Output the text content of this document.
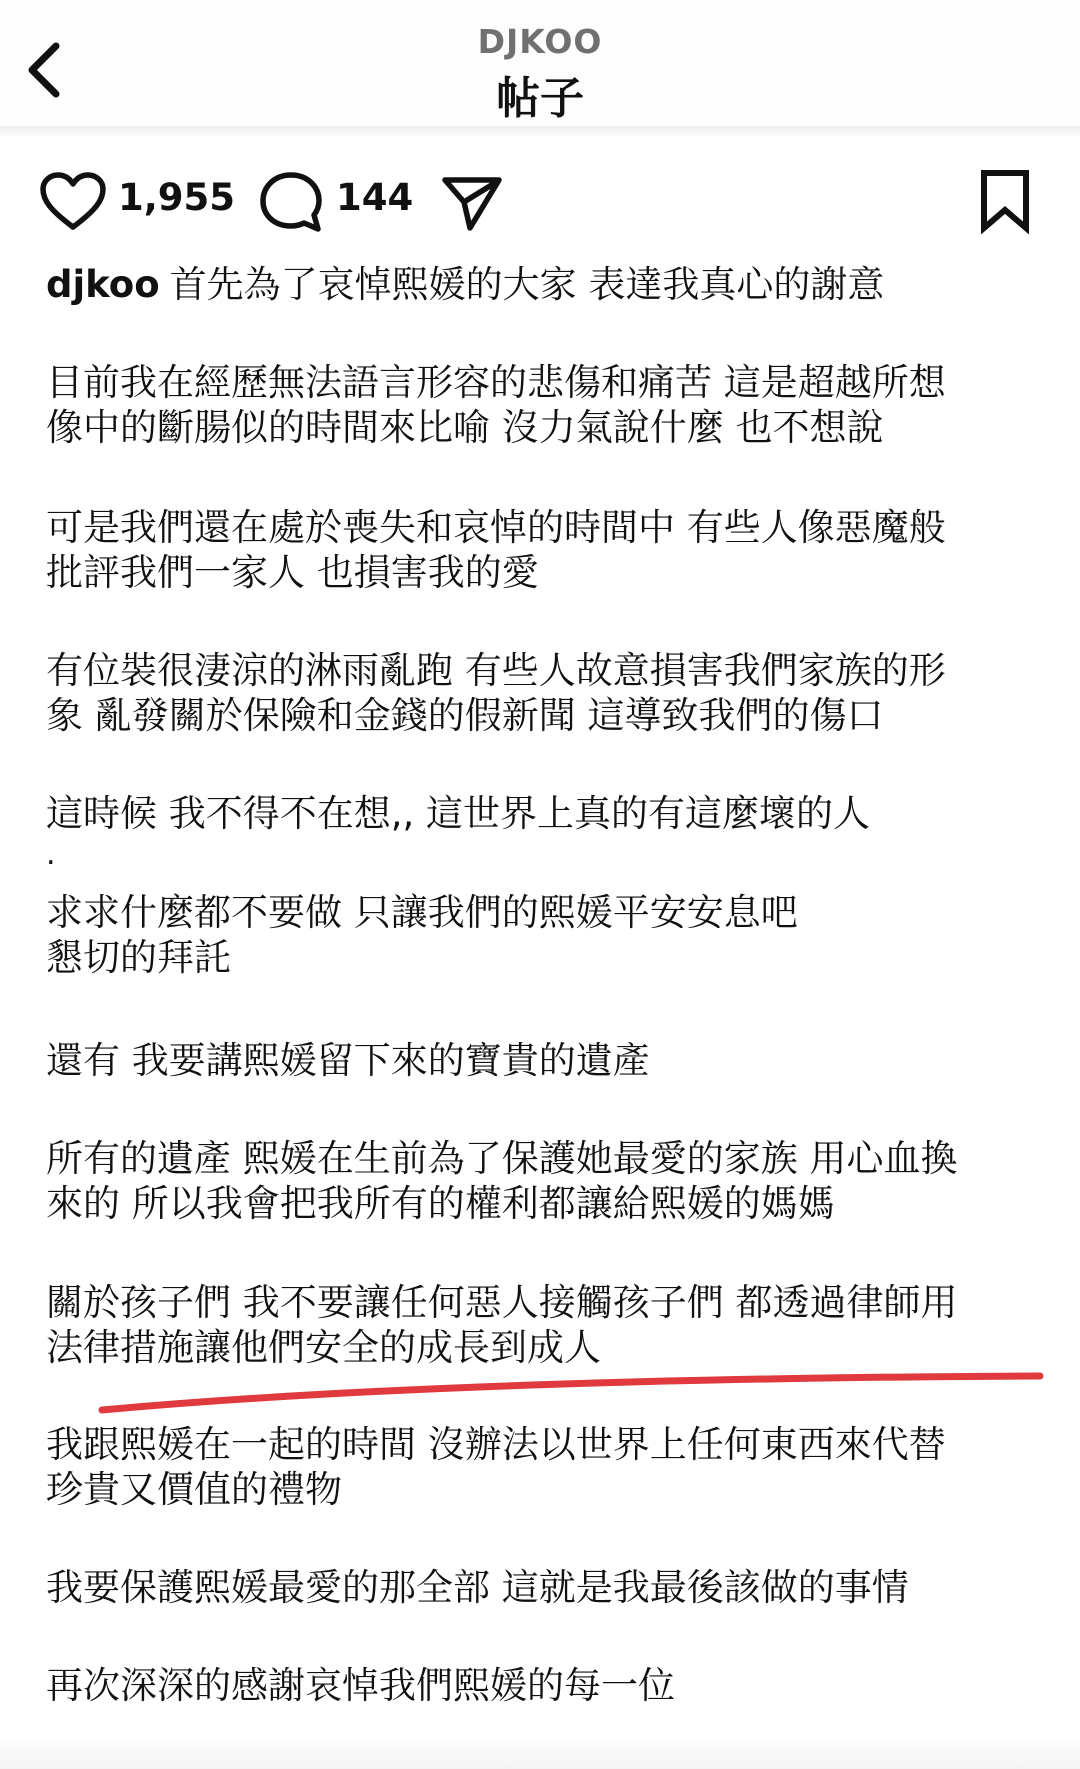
DJKOO
帖子
1,955	144
djkoo 首先為了哀悼熙媛的大家 表達我真心的謝意
目前我在經歷無法語言形容的悲傷和痛苦 這是超越所想
像中的斷腸似的時間來比喻 沒力氣說什麼 也不想說
可是我們還在處於喪失和哀悼的時間中 有些人像惡魔般
批評我們一家人 也損害我的愛
有位裝很淒涼的淋雨亂跑 有些人故意損害我們家族的形
象 亂發關於保險和金錢的假新聞 這導致我們的傷口
這時候 我不得不在想,, 這世界上真的有這麼壞的人
.
求求什麼都不要做 只讓我們的熙媛平安安息吧
懇切的拜託
還有 我要講熙媛留下來的寶貴的遺產
所有的遺產 熙媛在生前為了保護她最愛的家族 用心血換
來的 所以我會把我所有的權利都讓給熙媛的媽媽
關於孩子們 我不要讓任何惡人接觸孩子們 都透過律師用
法律措施讓他們安全的成長到成人
我跟熙媛在一起的時間 沒辦法以世界上任何東西來代替
珍貴又價值的禮物
我要保護熙媛最愛的那全部 這就是我最後該做的事情
再次深深的感謝哀悼我們熙媛的每一位
